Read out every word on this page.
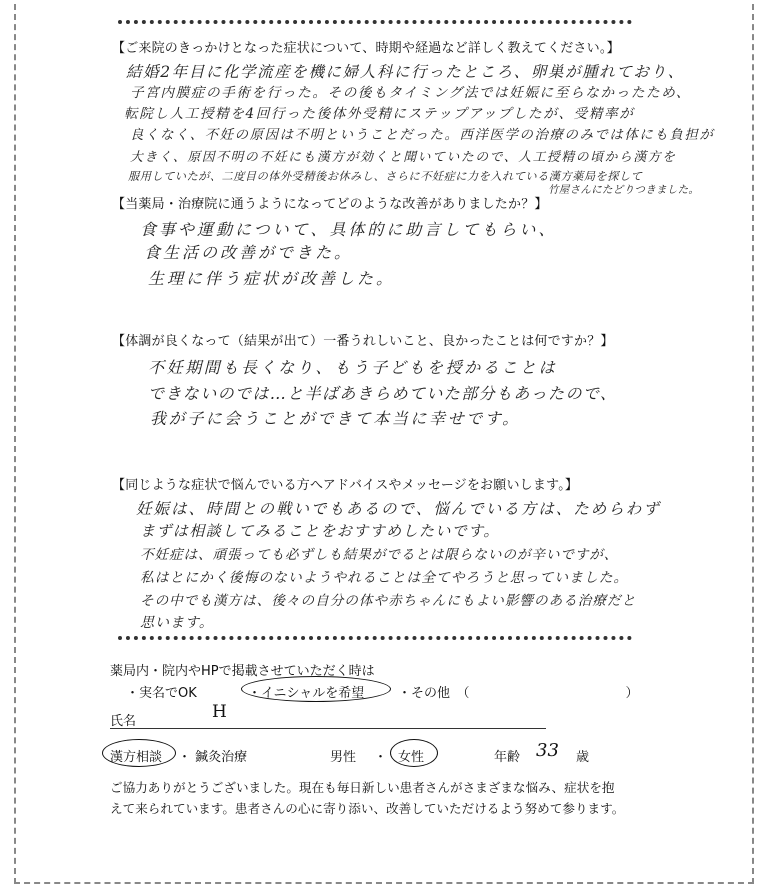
【ご来院のきっかけとなった症状について、時期や経過など詳しく教えてください。】
結婚2年目に化学流産を機に婦人科に行ったところ、卵巣が腫れており、
子宮内膜症の手術を行った。その後もタイミング法では妊娠に至らなかったため、
転院し人工授精を4回行った後体外受精にステップアップしたが、受精率が
良くなく、不妊の原因は不明ということだった。西洋医学の治療のみでは体にも負担が
大きく、原因不明の不妊にも漢方が効くと聞いていたので、人工授精の頃から漢方を
服用していたが、二度目の体外受精後お休みし、さらに不妊症に力を入れている漢方薬局を探して
竹屋さんにたどりつきました。
【当薬局・治療院に通うようになってどのような改善がありましたか？】
食事や運動について、具体的に助言してもらい、
食生活の改善ができた。
生理に伴う症状が改善した。
【体調が良くなって（結果が出て）一番うれしいこと、良かったことは何ですか？】
不妊期間も長くなり、もう子どもを授かることは
できないのでは…と半ばあきらめていた部分もあったので、
我が子に会うことができて本当に幸せです。
【同じような症状で悩んでいる方へアドバイスやメッセージをお願いします。】
妊娠は、時間との戦いでもあるので、悩んでいる方は、ためらわず
まずは相談してみることをおすすめしたいです。
不妊症は、頑張っても必ずしも結果がでるとは限らないのが辛いですが、
私はとにかく後悔のないようやれることは全てやろうと思っていました。
その中でも漢方は、後々の自分の体や赤ちゃんにもよい影響のある治療だと
思います。
薬局内・院内やHPで掲載させていただく時は
・実名でOK	・イニシャルを希望	・その他　（　　　　　　　　　　　　）
氏名	H
漢方相談 ・ 鍼灸治療	男性 ・ 女性	年齢 33 歳
ご協力ありがとうございました。現在も毎日新しい患者さんがさまざまな悩み、症状を抱
えて来られています。患者さんの心に寄り添い、改善していただけるよう努めて参ります。
